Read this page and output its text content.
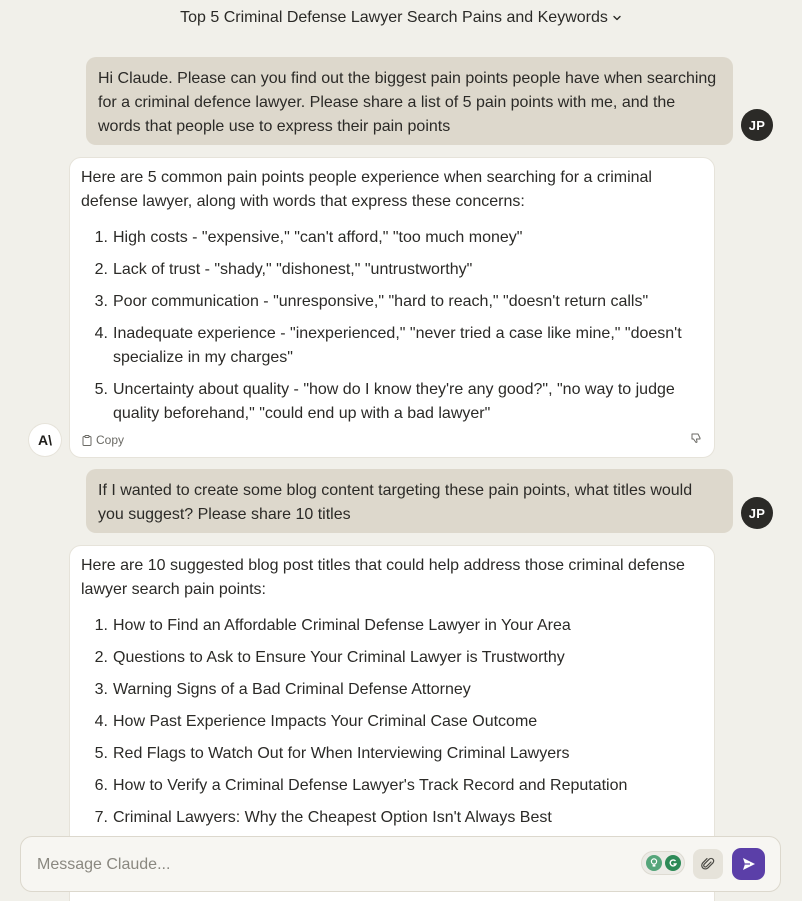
Top 5 Criminal Defense Lawyer Search Pains and Keywords
Hi Claude. Please can you find out the biggest pain points people have when searching for a criminal defence lawyer. Please share a list of 5 pain points with me, and the words that people use to express their pain points	JP

Here are 5 common pain points people experience when searching for a criminal defense lawyer, along with words that express these concerns:

1. High costs - "expensive," "can't afford," "too much money"
2. Lack of trust - "shady," "dishonest," "untrustworthy"
3. Poor communication - "unresponsive," "hard to reach," "doesn't return calls"
4. Inadequate experience - "inexperienced," "never tried a case like mine," "doesn't specialize in my charges"
5. Uncertainty about quality - "how do I know they're any good?", "no way to judge quality beforehand," "could end up with a bad lawyer"
Copy
A\
If I wanted to create some blog content targeting these pain points, what titles would you suggest? Please share 10 titles	JP

Here are 10 suggested blog post titles that could help address those criminal defense lawyer search pain points:

1. How to Find an Affordable Criminal Defense Lawyer in Your Area
2. Questions to Ask to Ensure Your Criminal Lawyer is Trustworthy
3. Warning Signs of a Bad Criminal Defense Attorney
4. How Past Experience Impacts Your Criminal Case Outcome
5. Red Flags to Watch Out for When Interviewing Criminal Lawyers
6. How to Verify a Criminal Defense Lawyer's Track Record and Reputation
7. Criminal Lawyers: Why the Cheapest Option Isn't Always Best
Message Claude...
